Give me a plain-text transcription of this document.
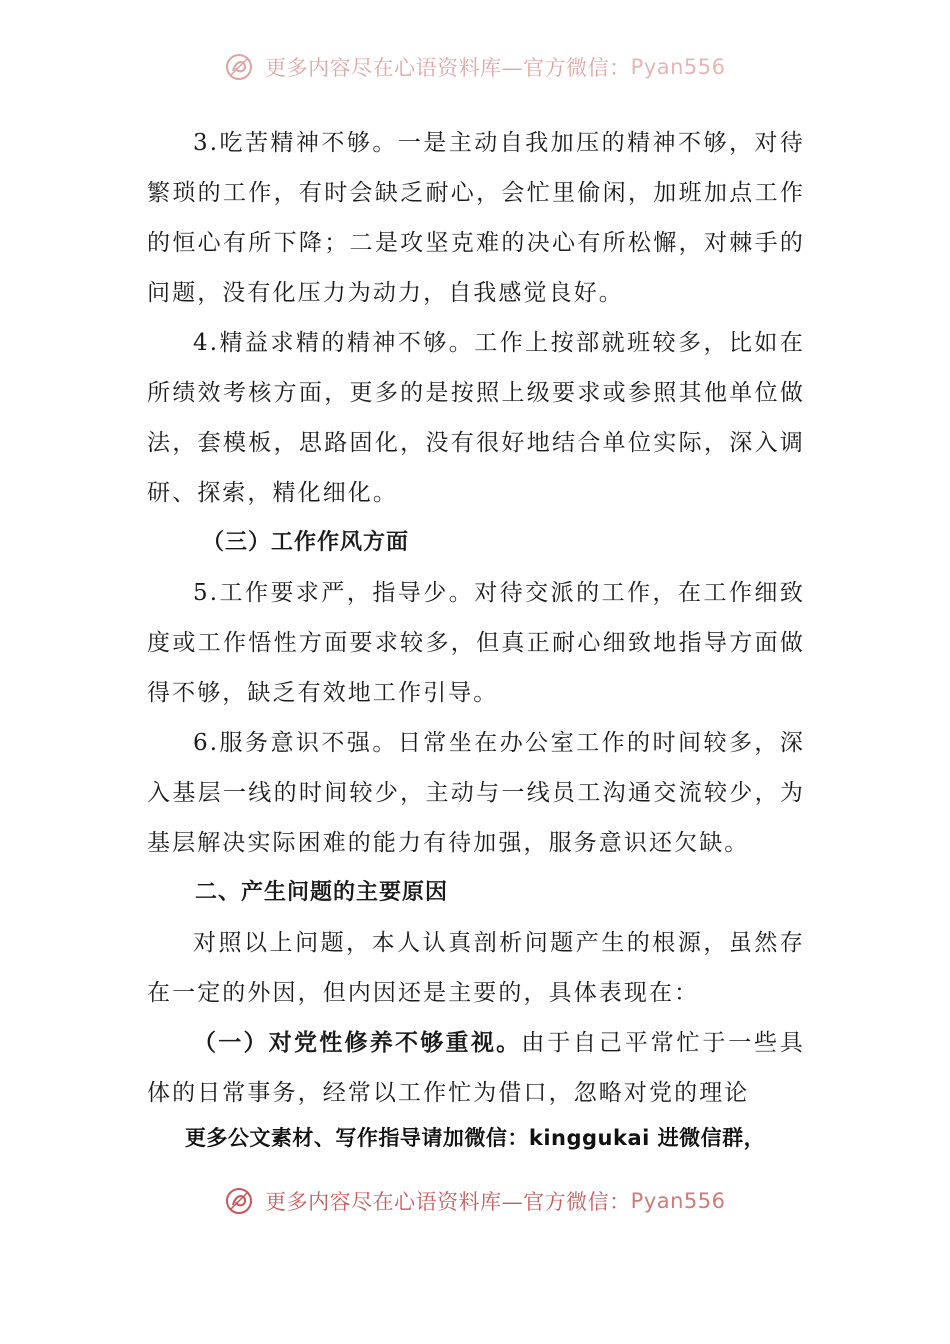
更多内容尽在心语资料库—官方微信：Pyan556

3.吃苦精神不够。一是主动自我加压的精神不够，对待繁琐的工作，有时会缺乏耐心，会忙里偷闲，加班加点工作的恒心有所下降；二是攻坚克难的决心有所松懈，对棘手的问题，没有化压力为动力，自我感觉良好。

4.精益求精的精神不够。工作上按部就班较多，比如在所绩效考核方面，更多的是按照上级要求或参照其他单位做法，套模板，思路固化，没有很好地结合单位实际，深入调研、探索，精化细化。

（三）工作作风方面

5.工作要求严，指导少。对待交派的工作，在工作细致度或工作悟性方面要求较多，但真正耐心细致地指导方面做得不够，缺乏有效地工作引导。

6.服务意识不强。日常坐在办公室工作的时间较多，深入基层一线的时间较少，主动与一线员工沟通交流较少，为基层解决实际困难的能力有待加强，服务意识还欠缺。

二、产生问题的主要原因

对照以上问题，本人认真剖析问题产生的根源，虽然存在一定的外因，但内因还是主要的，具体表现在：

（一）对党性修养不够重视。由于自己平常忙于一些具体的日常事务，经常以工作忙为借口，忽略对党的理论

更多公文素材、写作指导请加微信：kinggukai 进微信群，
更多内容尽在心语资料库—官方微信：Pyan556
